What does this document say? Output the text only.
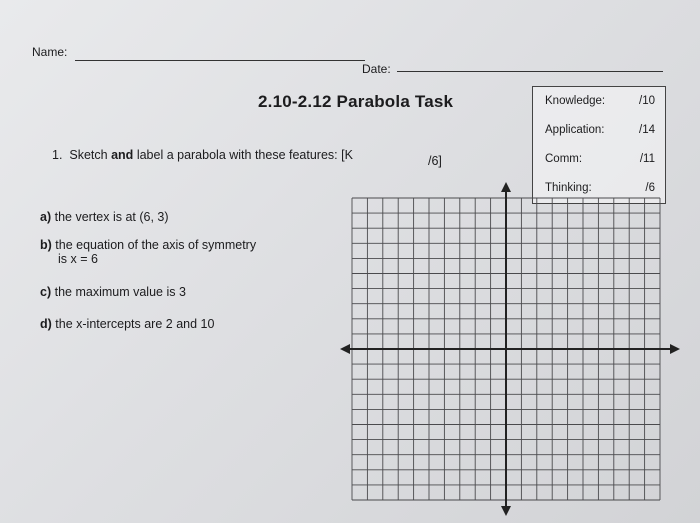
Name:
Date:
2.10-2.12 Parabola Task	Knowledge:	/10
Application:	/14
Comm:	/11
Thinking:	/6
1. Sketch and label a parabola with these features: [K	/6]
a) the vertex is at (6, 3)
b) the equation of the axis of symmetry
is x = 6
c) the maximum value is 3
d) the x-intercepts are 2 and 10
